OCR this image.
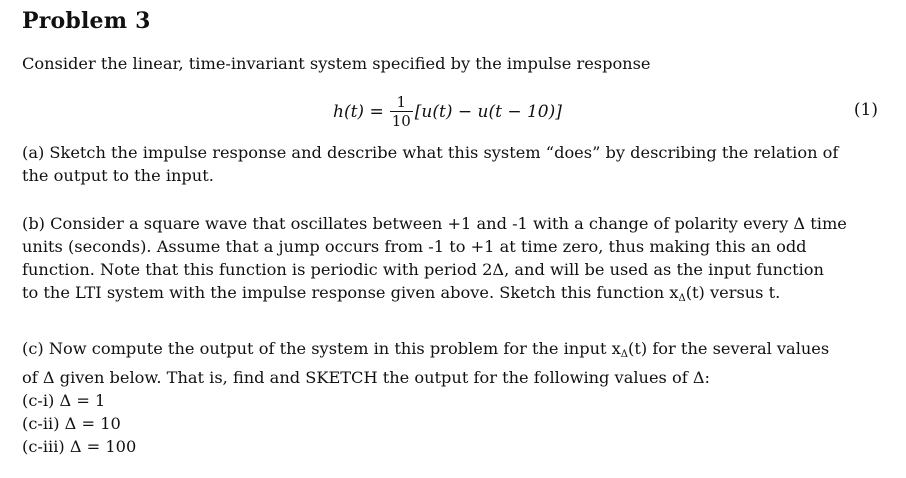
Problem 3
Consider the linear, time-invariant system specified by the impulse response
$h(t) = \frac{1}{10} [u(t) - u(t - 10)]$	(1)
(a) Sketch the impulse response and describe what this system “does” by describing the relation of
the output to the input.
(b) Consider a square wave that oscillates between +1 and -1 with a change of polarity every Δ time
units (seconds). Assume that a jump occurs from -1 to +1 at time zero, thus making this an odd
function. Note that this function is periodic with period 2Δ, and will be used as the input function
to the LTI system with the impulse response given above. Sketch this function $x_\Delta(t)$ versus t.
(c) Now compute the output of the system in this problem for the input $x_\Delta(t)$ for the several values
of Δ given below. That is, find and SKETCH the output for the following values of Δ:
(c-i) Δ = 1
(c-ii) Δ = 10
(c-iii) Δ = 100
